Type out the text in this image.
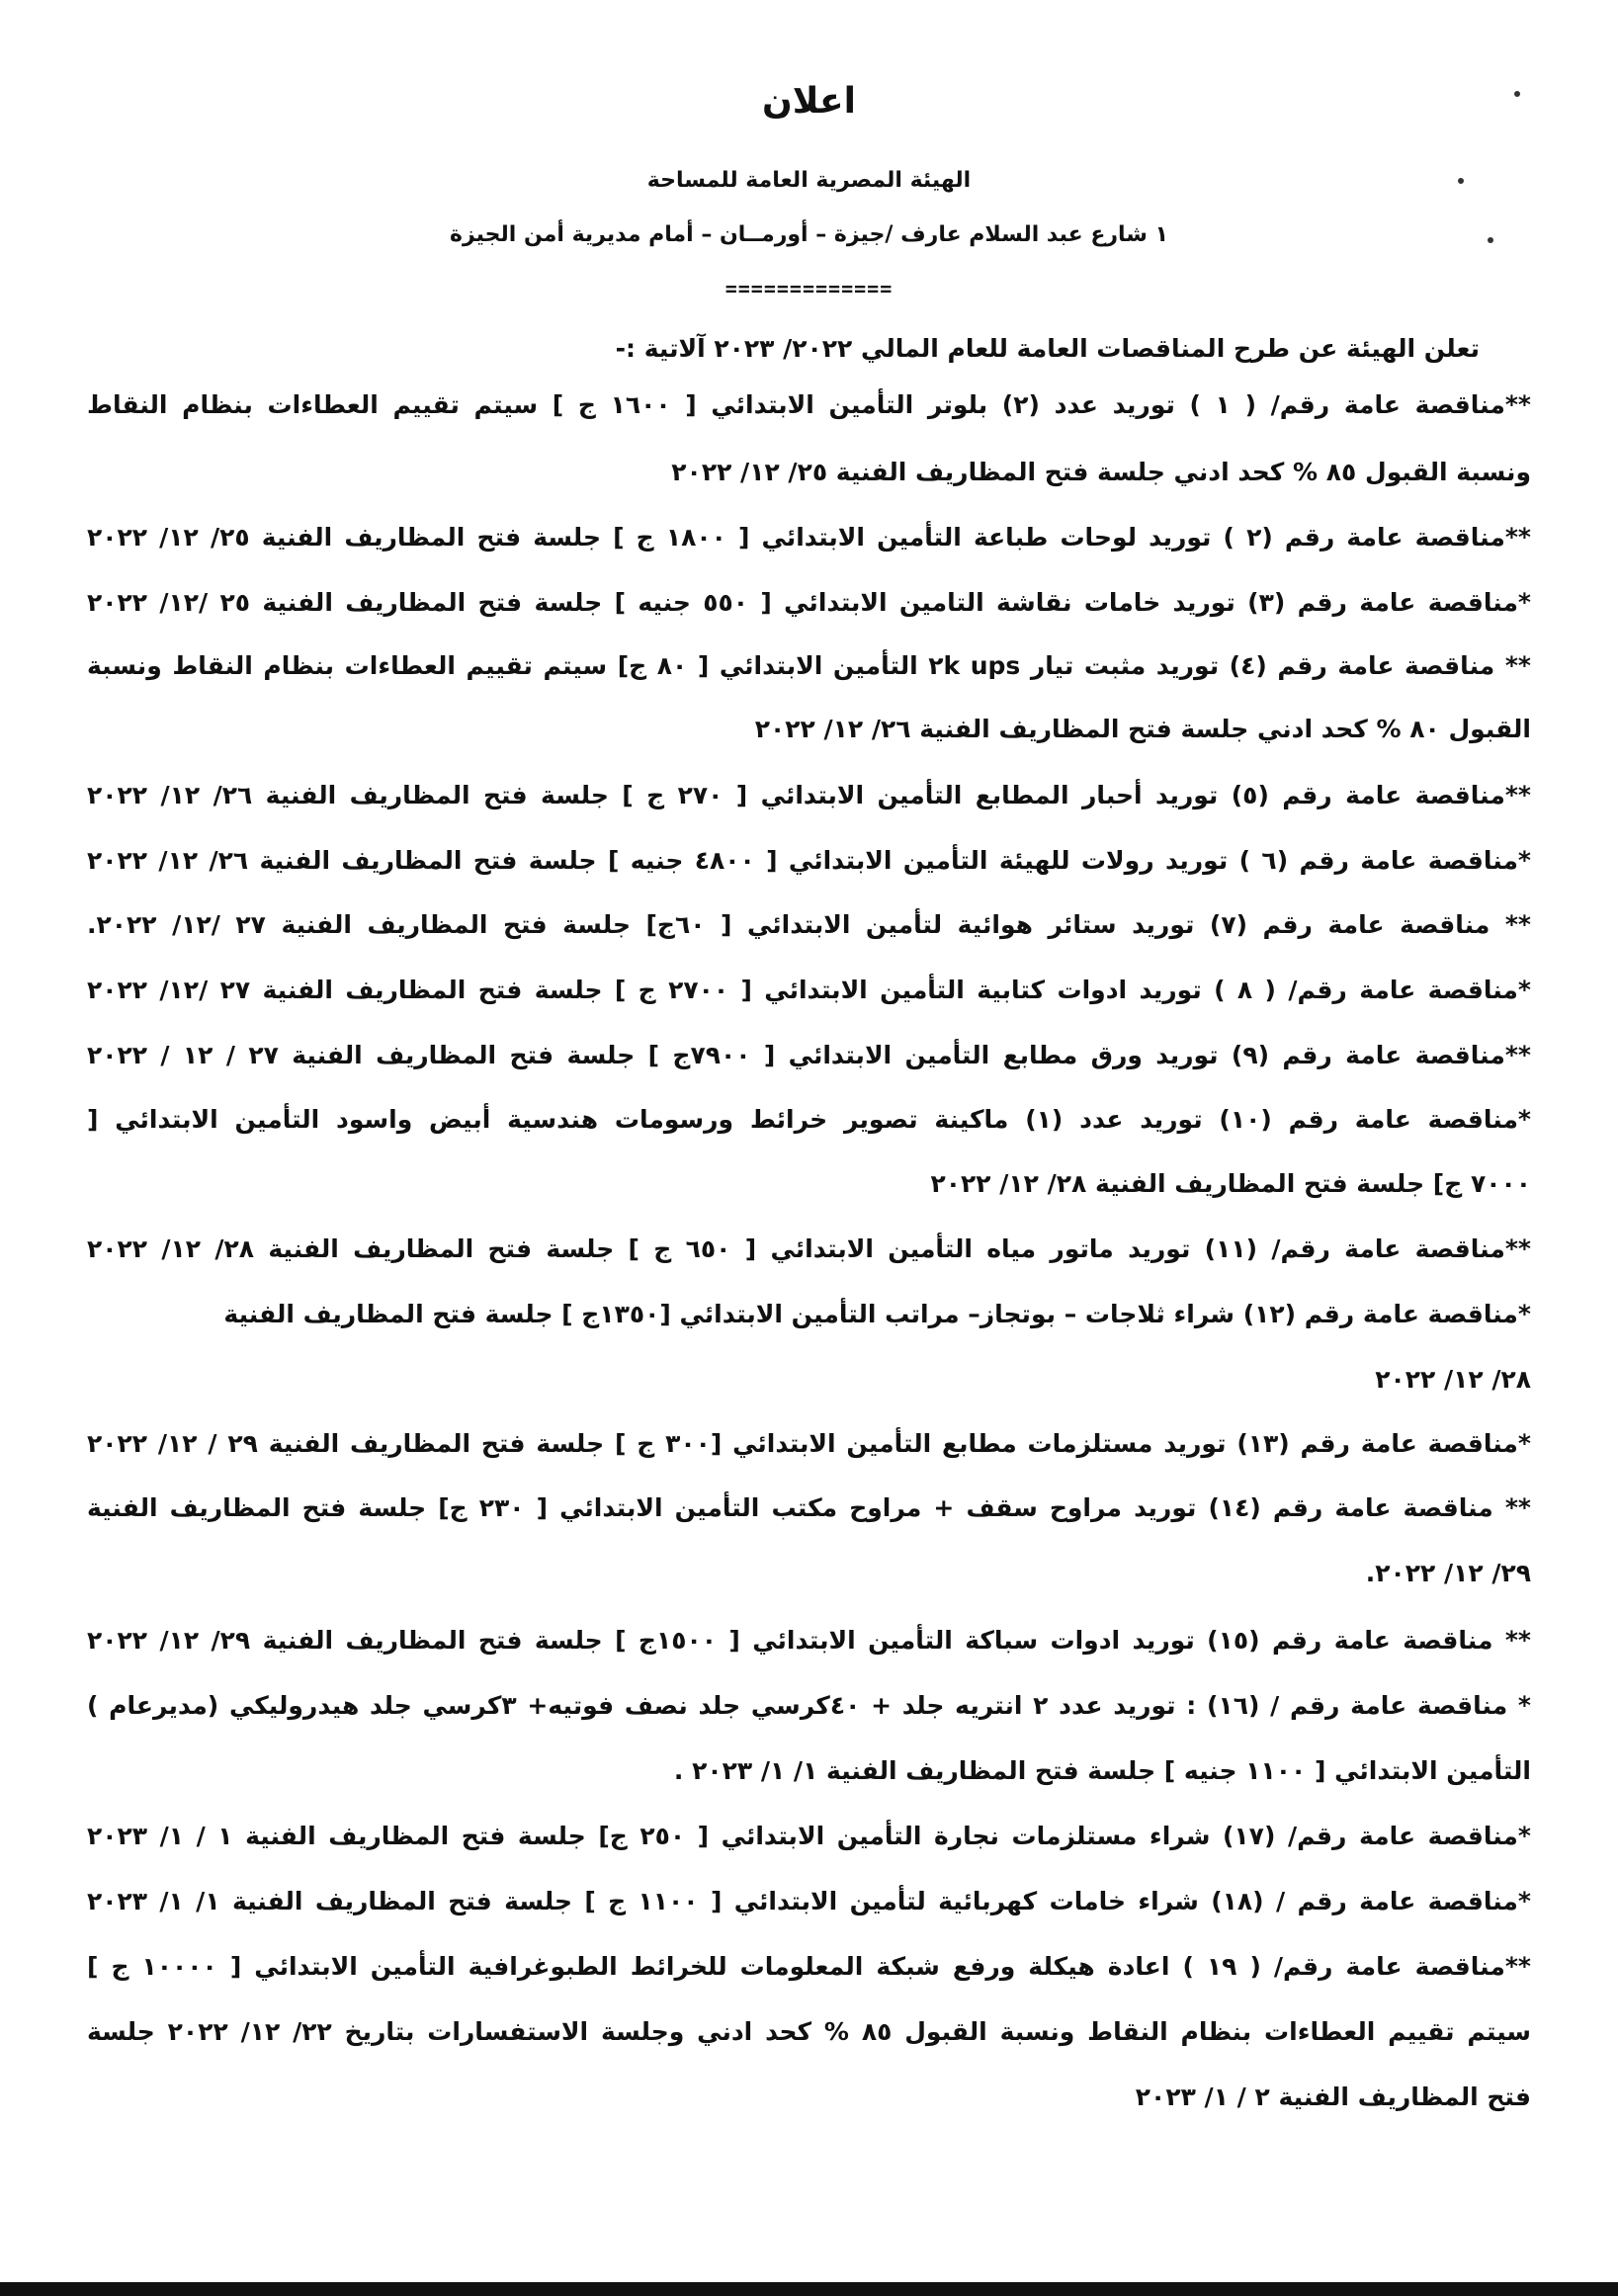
اعلان
الهيئة المصرية العامة للمساحة
١ شارع عبد السلام عارف /جيزة – أورمــان – أمام مديرية أمن الجيزة
=============
تعلن الهيئة عن طرح المناقصات العامة للعام المالي ٢٠٢٢/ ٢٠٢٣ آلاتية :-
**مناقصة عامة رقم/ ( ١ ) توريد عدد (٢) بلوتر التأمين الابتدائي [ ١٦٠٠ ج ] سيتم تقييم العطاءات بنظام النقاط
ونسبة القبول ٨٥ % كحد ادني جلسة فتح المظاريف الفنية ٢٥/ ١٢/ ٢٠٢٢
**مناقصة عامة رقم (٢ ) توريد لوحات طباعة التأمين الابتدائي [ ١٨٠٠ ج ] جلسة فتح المظاريف الفنية ٢٥/ ١٢/ ٢٠٢٢
*مناقصة عامة رقم (٣) توريد خامات نقاشة التامين الابتدائي [ ٥٥٠ جنيه ] جلسة فتح المظاريف الفنية ٢٥ /١٢/ ٢٠٢٢
** مناقصة عامة رقم (٤) توريد مثبت تيار ups ٢k التأمين الابتدائي [ ٨٠ ج] سيتم تقييم العطاءات بنظام النقاط ونسبة
القبول ٨٠ % كحد ادني جلسة فتح المظاريف الفنية ٢٦/ ١٢/ ٢٠٢٢
**مناقصة عامة رقم (٥) توريد أحبار المطابع التأمين الابتدائي [ ٢٧٠ ج ] جلسة فتح المظاريف الفنية ٢٦/ ١٢/ ٢٠٢٢
*مناقصة عامة رقم (٦ ) توريد رولات للهيئة التأمين الابتدائي [ ٤٨٠٠ جنيه ] جلسة فتح المظاريف الفنية ٢٦/ ١٢/ ٢٠٢٢
** مناقصة عامة رقم (٧) توريد ستائر هوائية لتأمين الابتدائي [ ٦٠ج] جلسة فتح المظاريف الفنية ٢٧ /١٢/ ٢٠٢٢.
*مناقصة عامة رقم/ ( ٨ ) توريد ادوات كتابية التأمين الابتدائي [ ٢٧٠٠ ج ] جلسة فتح المظاريف الفنية ٢٧ /١٢/ ٢٠٢٢
**مناقصة عامة رقم (٩) توريد ورق مطابع التأمين الابتدائي [ ٧٩٠٠ج ] جلسة فتح المظاريف الفنية ٢٧ / ١٢ / ٢٠٢٢
*مناقصة عامة رقم (١٠) توريد عدد (١) ماكينة تصوير خرائط ورسومات هندسية أبيض واسود التأمين الابتدائي [
٧٠٠٠ ج] جلسة فتح المظاريف الفنية ٢٨/ ١٢/ ٢٠٢٢
**مناقصة عامة رقم/ (١١) توريد ماتور مياه التأمين الابتدائي [ ٦٥٠ ج ] جلسة فتح المظاريف الفنية ٢٨/ ١٢/ ٢٠٢٢
*مناقصة عامة رقم (١٢) شراء ثلاجات – بوتجاز– مراتب التأمين الابتدائي [١٣٥٠ج ] جلسة فتح المظاريف الفنية
٢٨/ ١٢/ ٢٠٢٢
*مناقصة عامة رقم (١٣) توريد مستلزمات مطابع التأمين الابتدائي [٣٠٠ ج ] جلسة فتح المظاريف الفنية ٢٩ / ١٢/ ٢٠٢٢
** مناقصة عامة رقم (١٤) توريد مراوح سقف + مراوح مكتب التأمين الابتدائي [ ٢٣٠ ج] جلسة فتح المظاريف الفنية
٢٩/ ١٢/ ٢٠٢٢.
** مناقصة عامة رقم (١٥) توريد ادوات سباكة التأمين الابتدائي [ ١٥٠٠ج ] جلسة فتح المظاريف الفنية ٢٩/ ١٢/ ٢٠٢٢
* مناقصة عامة رقم / (١٦) : توريد عدد ٢ انتريه جلد + ٤٠كرسي جلد نصف فوتيه+ ٣كرسي جلد هيدروليكي (مديرعام )
التأمين الابتدائي [ ١١٠٠ جنيه ] جلسة فتح المظاريف الفنية ١/ ١/ ٢٠٢٣ .
*مناقصة عامة رقم/ (١٧) شراء مستلزمات نجارة التأمين الابتدائي [ ٢٥٠ ج] جلسة فتح المظاريف الفنية ١ / ١/ ٢٠٢٣
*مناقصة عامة رقم / (١٨) شراء خامات كهربائية لتأمين الابتدائي [ ١١٠٠ ج ] جلسة فتح المظاريف الفنية ١/ ١/ ٢٠٢٣
**مناقصة عامة رقم/ ( ١٩ ) اعادة هيكلة ورفع شبكة المعلومات للخرائط الطبوغرافية التأمين الابتدائي [ ١٠٠٠٠ ج ]
سيتم تقييم العطاءات بنظام النقاط ونسبة القبول ٨٥ % كحد ادني وجلسة الاستفسارات بتاريخ ٢٢/ ١٢/ ٢٠٢٢ جلسة
فتح المظاريف الفنية ٢ / ١/ ٢٠٢٣
